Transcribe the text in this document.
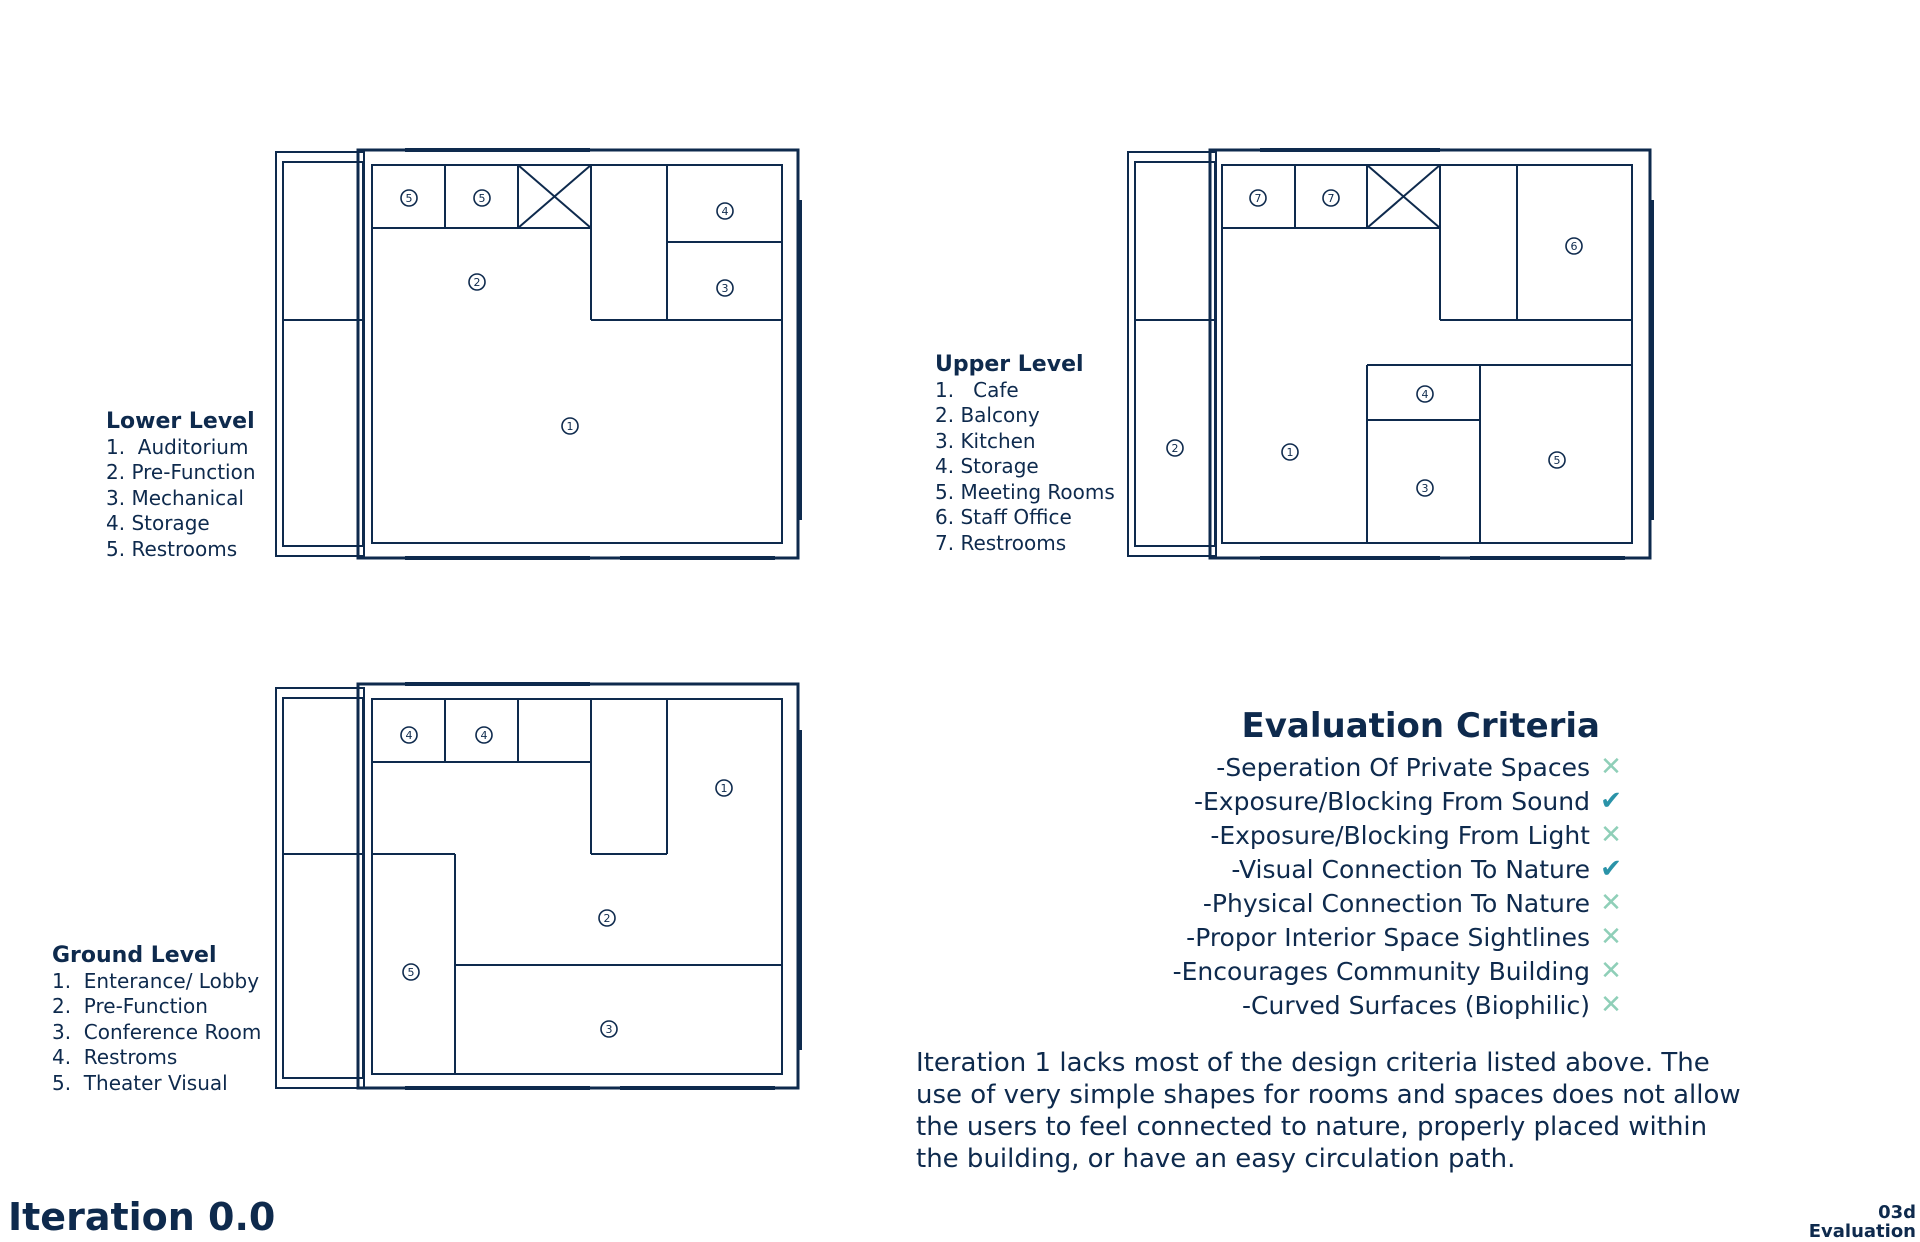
5	5
4
2	3
1
7	7
6
2	1
4
3
5
4	4
1
2
5
3
Lower Level
1.  Auditorium
2. Pre-Function
3. Mechanical
4. Storage
5. Restrooms
Upper Level
1.   Cafe
2. Balcony
3. Kitchen
4. Storage
5. Meeting Rooms
6. Staff Office
7. Restrooms
Ground Level
1.  Enterance/ Lobby
2.  Pre-Function
3.  Conference Room
4.  Restroms
5.  Theater Visual
Evaluation Criteria
-Seperation Of Private Spaces ✕
-Exposure/Blocking From Sound ✔
-Exposure/Blocking From Light ✕
-Visual Connection To Nature ✔
-Physical Connection To Nature ✕
-Propor Interior Space Sightlines ✕
-Encourages Community Building ✕
-Curved Surfaces (Biophilic) ✕
Iteration 1 lacks most of the design criteria listed above. The use of very simple shapes for rooms and spaces does not allow the users to feel connected to nature, properly placed within the building, or have an easy circulation path.
Iteration 0.0	03d
Evaluation
